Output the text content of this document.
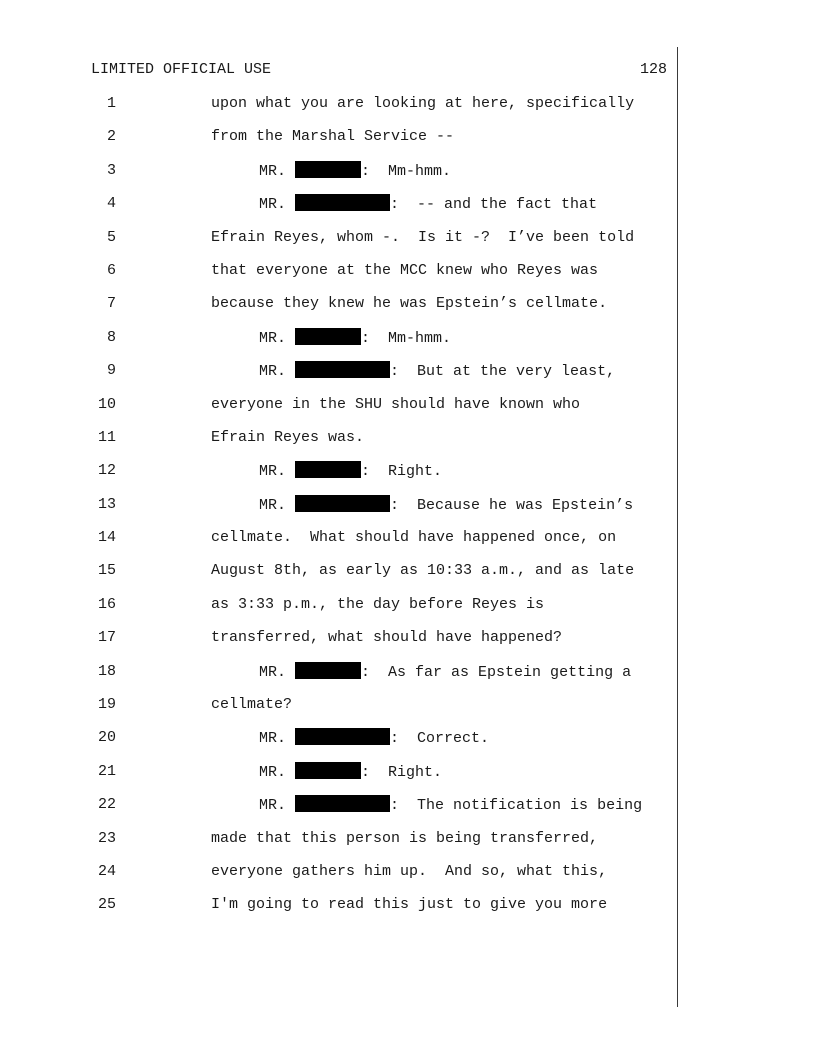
LIMITED OFFICIAL USE	128
1	upon what you are looking at here, specifically
2	from the Marshal Service --
3	MR.	:  Mm-hmm.
4	MR.	:  -- and the fact that
5	Efrain Reyes, whom -.  Is it -?  I’ve been told
6	that everyone at the MCC knew who Reyes was
7	because they knew he was Epstein’s cellmate.
8	MR.	:  Mm-hmm.
9	MR.	:  But at the very least,
10	everyone in the SHU should have known who
11	Efrain Reyes was.
12	MR.	:  Right.
13	MR.	:  Because he was Epstein’s
14	cellmate.  What should have happened once, on
15	August 8th, as early as 10:33 a.m., and as late
16	as 3:33 p.m., the day before Reyes is
17	transferred, what should have happened?
18	MR.	:  As far as Epstein getting a
19	cellmate?
20	MR.	:  Correct.
21	MR.	:  Right.
22	MR.	:  The notification is being
23	made that this person is being transferred,
24	everyone gathers him up.  And so, what this,
25	I'm going to read this just to give you more
